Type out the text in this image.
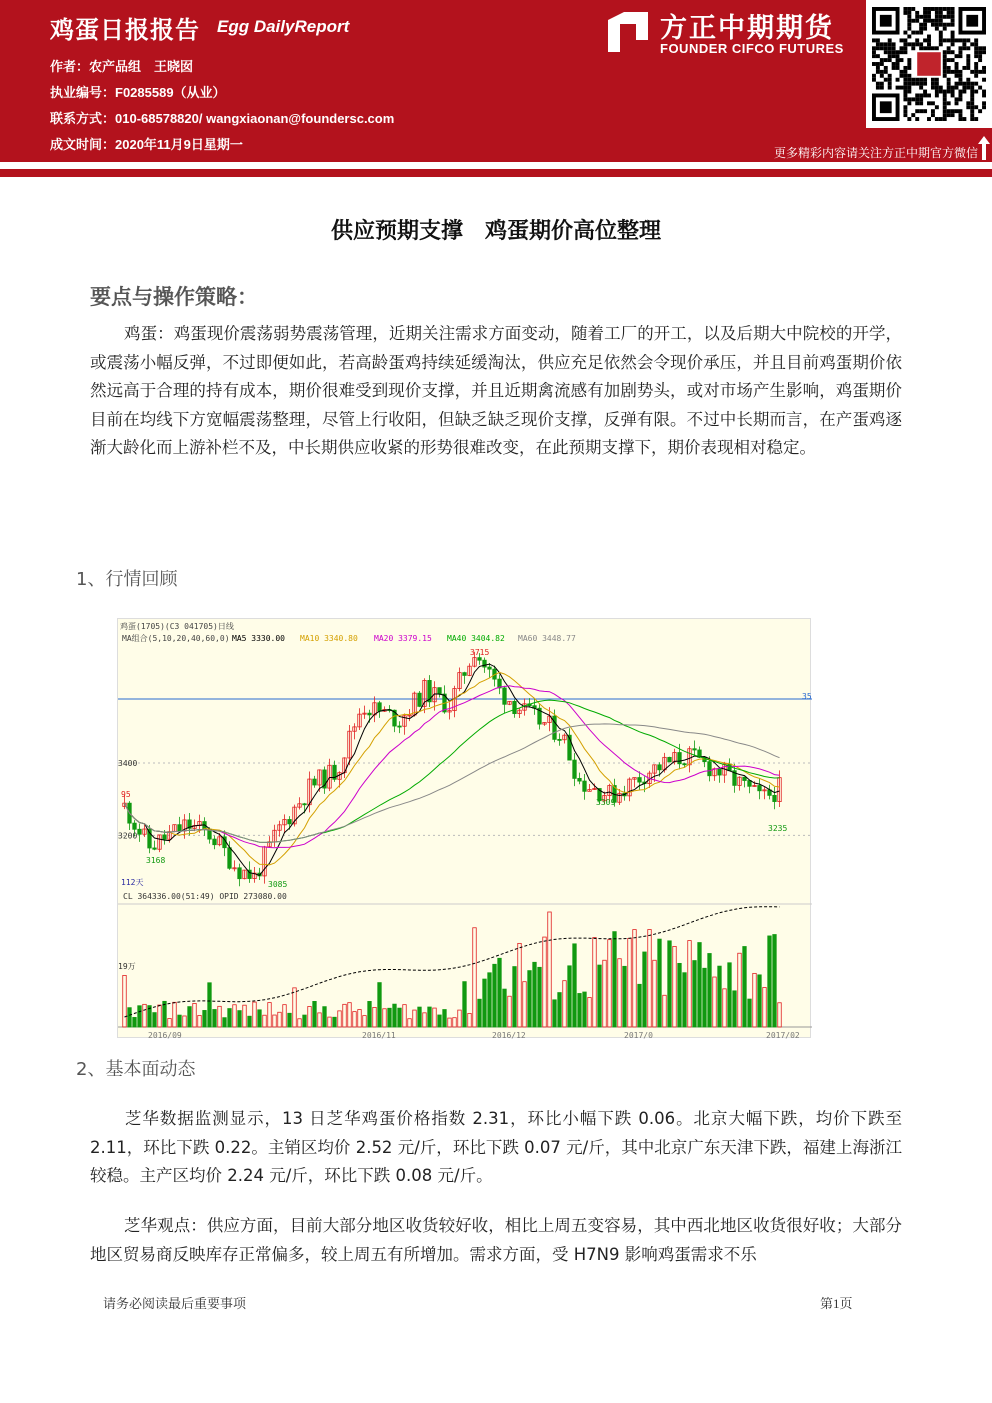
鸡蛋日报报告 Egg DailyReport
作者：农产品组　王晓囡
执业编号：F0285589（从业）
联系方式：010-68578820/ wangxiaonan@foundersc.com
成文时间：2020年11月9日星期一
方正中期期货
FOUNDER CIFCO FUTURES
更多精彩内容请关注方正中期官方微信
供应预期支撑　鸡蛋期价高位整理
要点与操作策略：
鸡蛋：鸡蛋现价震荡弱势震荡管理，近期关注需求方面变动，随着工厂的开工，以及后期大中院校的开学，或震荡小幅反弹，不过即便如此，若高龄蛋鸡持续延缓淘汰，供应充足依然会令现价承压，并且目前鸡蛋期价依然远高于合理的持有成本，期价很难受到现价支撑，并且近期禽流感有加剧势头，或对市场产生影响，鸡蛋期价目前在均线下方宽幅震荡整理，尽管上行收阳，但缺乏缺乏现价支撑，反弹有限。不过中长期而言，在产蛋鸡逐渐大龄化而上游补栏不及，中长期供应收紧的形势很难改变，在此预期支撑下，期价表现相对稳定。
1、行情回顾
鸡蛋(1705)(C3 041705)日线
MA组合(5,10,20,40,60,0) MA5 3330.00 MA10 3340.80 MA20 3379.15 MA40 3404.82 MA60 3448.77
3715
35
3400
3200
95
3168
3085
3309
3235
112天
CL 364336.00(51:49) OPID 273080.00
19万
2016/09	2016/11	2016/12	2017/0	2017/02
2、基本面动态
芝华数据监测显示，13 日芝华鸡蛋价格指数 2.31，环比小幅下跌 0.06。北京大幅下跌，均价下跌至 2.11，环比下跌 0.22。主销区均价 2.52 元/斤，环比下跌 0.07 元/斤，其中北京广东天津下跌，福建上海浙江较稳。主产区均价 2.24 元/斤，环比下跌 0.08 元/斤。
芝华观点：供应方面，目前大部分地区收货较好收，相比上周五变容易，其中西北地区收货很好收；大部分地区贸易商反映库存正常偏多，较上周五有所增加。需求方面，受 H7N9 影响鸡蛋需求不乐
请务必阅读最后重要事项	第1页
